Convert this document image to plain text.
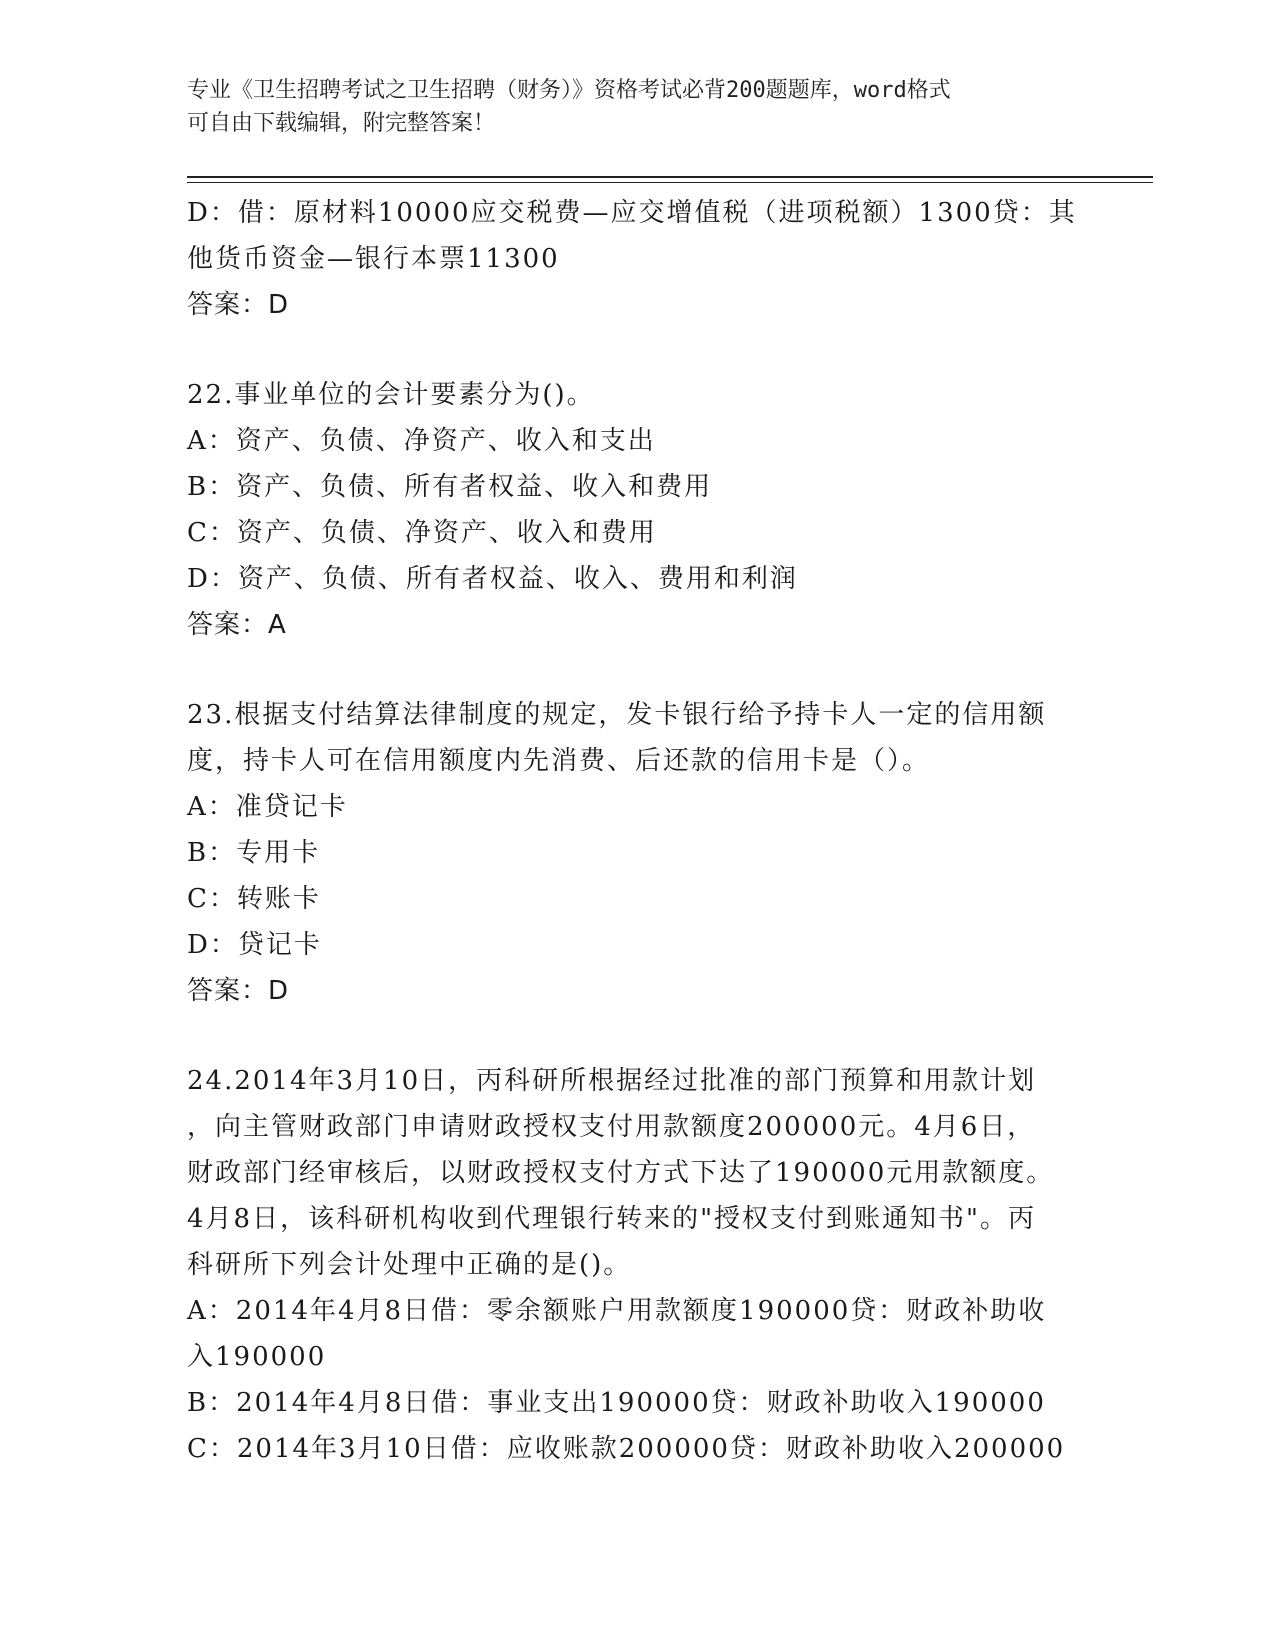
专业《卫生招聘考试之卫生招聘（财务）》资格考试必背200题题库，word格式
可自由下载编辑，附完整答案！
D：借：原材料10000应交税费—应交增值税（进项税额）1300贷：其
他货币资金—银行本票11300
答案：D
22.事业单位的会计要素分为()。
A：资产、负债、净资产、收入和支出
B：资产、负债、所有者权益、收入和费用
C：资产、负债、净资产、收入和费用
D：资产、负债、所有者权益、收入、费用和利润
答案：A
23.根据支付结算法律制度的规定，发卡银行给予持卡人一定的信用额
度，持卡人可在信用额度内先消费、后还款的信用卡是（）。
A：准贷记卡
B：专用卡
C：转账卡
D：贷记卡
答案：D
24.2014年3月10日，丙科研所根据经过批准的部门预算和用款计划
，向主管财政部门申请财政授权支付用款额度200000元。4月6日，
财政部门经审核后，以财政授权支付方式下达了190000元用款额度。
4月8日，该科研机构收到代理银行转来的"授权支付到账通知书"。丙
科研所下列会计处理中正确的是()。
A：2014年4月8日借：零余额账户用款额度190000贷：财政补助收
入190000
B：2014年4月8日借：事业支出190000贷：财政补助收入190000
C：2014年3月10日借：应收账款200000贷：财政补助收入200000
